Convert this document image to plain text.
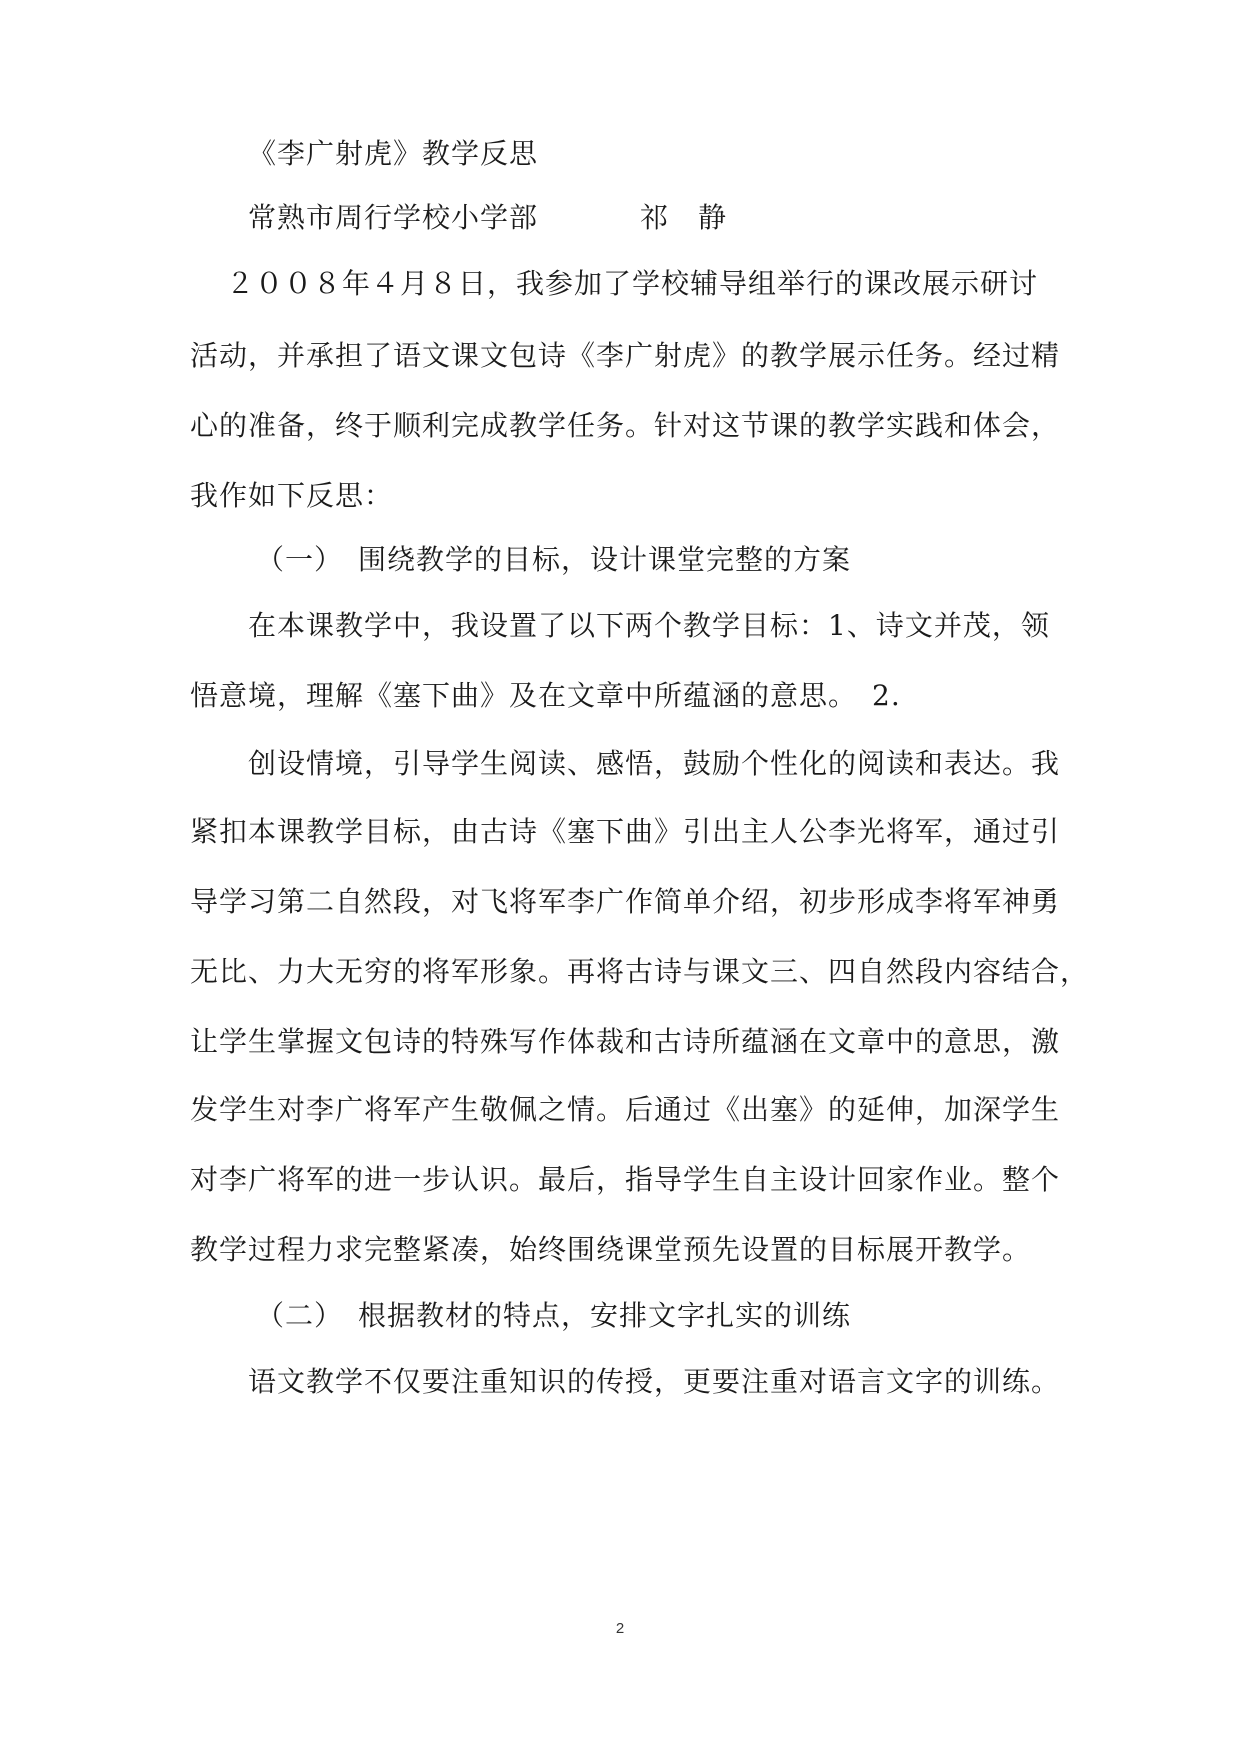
《李广射虎》教学反思
常熟市周行学校小学部	祁　静
２００８年４月８日，我参加了学校辅导组举行的课改展示研讨
活动，并承担了语文课文包诗《李广射虎》的教学展示任务。经过精
心的准备，终于顺利完成教学任务。针对这节课的教学实践和体会，
我作如下反思：
（一）　围绕教学的目标，设计课堂完整的方案
在本课教学中，我设置了以下两个教学目标：1、诗文并茂，领
悟意境，理解《塞下曲》及在文章中所蕴涵的意思。　2.
创设情境，引导学生阅读、感悟，鼓励个性化的阅读和表达。我
紧扣本课教学目标，由古诗《塞下曲》引出主人公李光将军，通过引
导学习第二自然段，对飞将军李广作简单介绍，初步形成李将军神勇
无比、力大无穷的将军形象。再将古诗与课文三、四自然段内容结合，
让学生掌握文包诗的特殊写作体裁和古诗所蕴涵在文章中的意思，激
发学生对李广将军产生敬佩之情。后通过《出塞》的延伸，加深学生
对李广将军的进一步认识。最后，指导学生自主设计回家作业。整个
教学过程力求完整紧凑，始终围绕课堂预先设置的目标展开教学。
（二）　根据教材的特点，安排文字扎实的训练
语文教学不仅要注重知识的传授，更要注重对语言文字的训练。
2
